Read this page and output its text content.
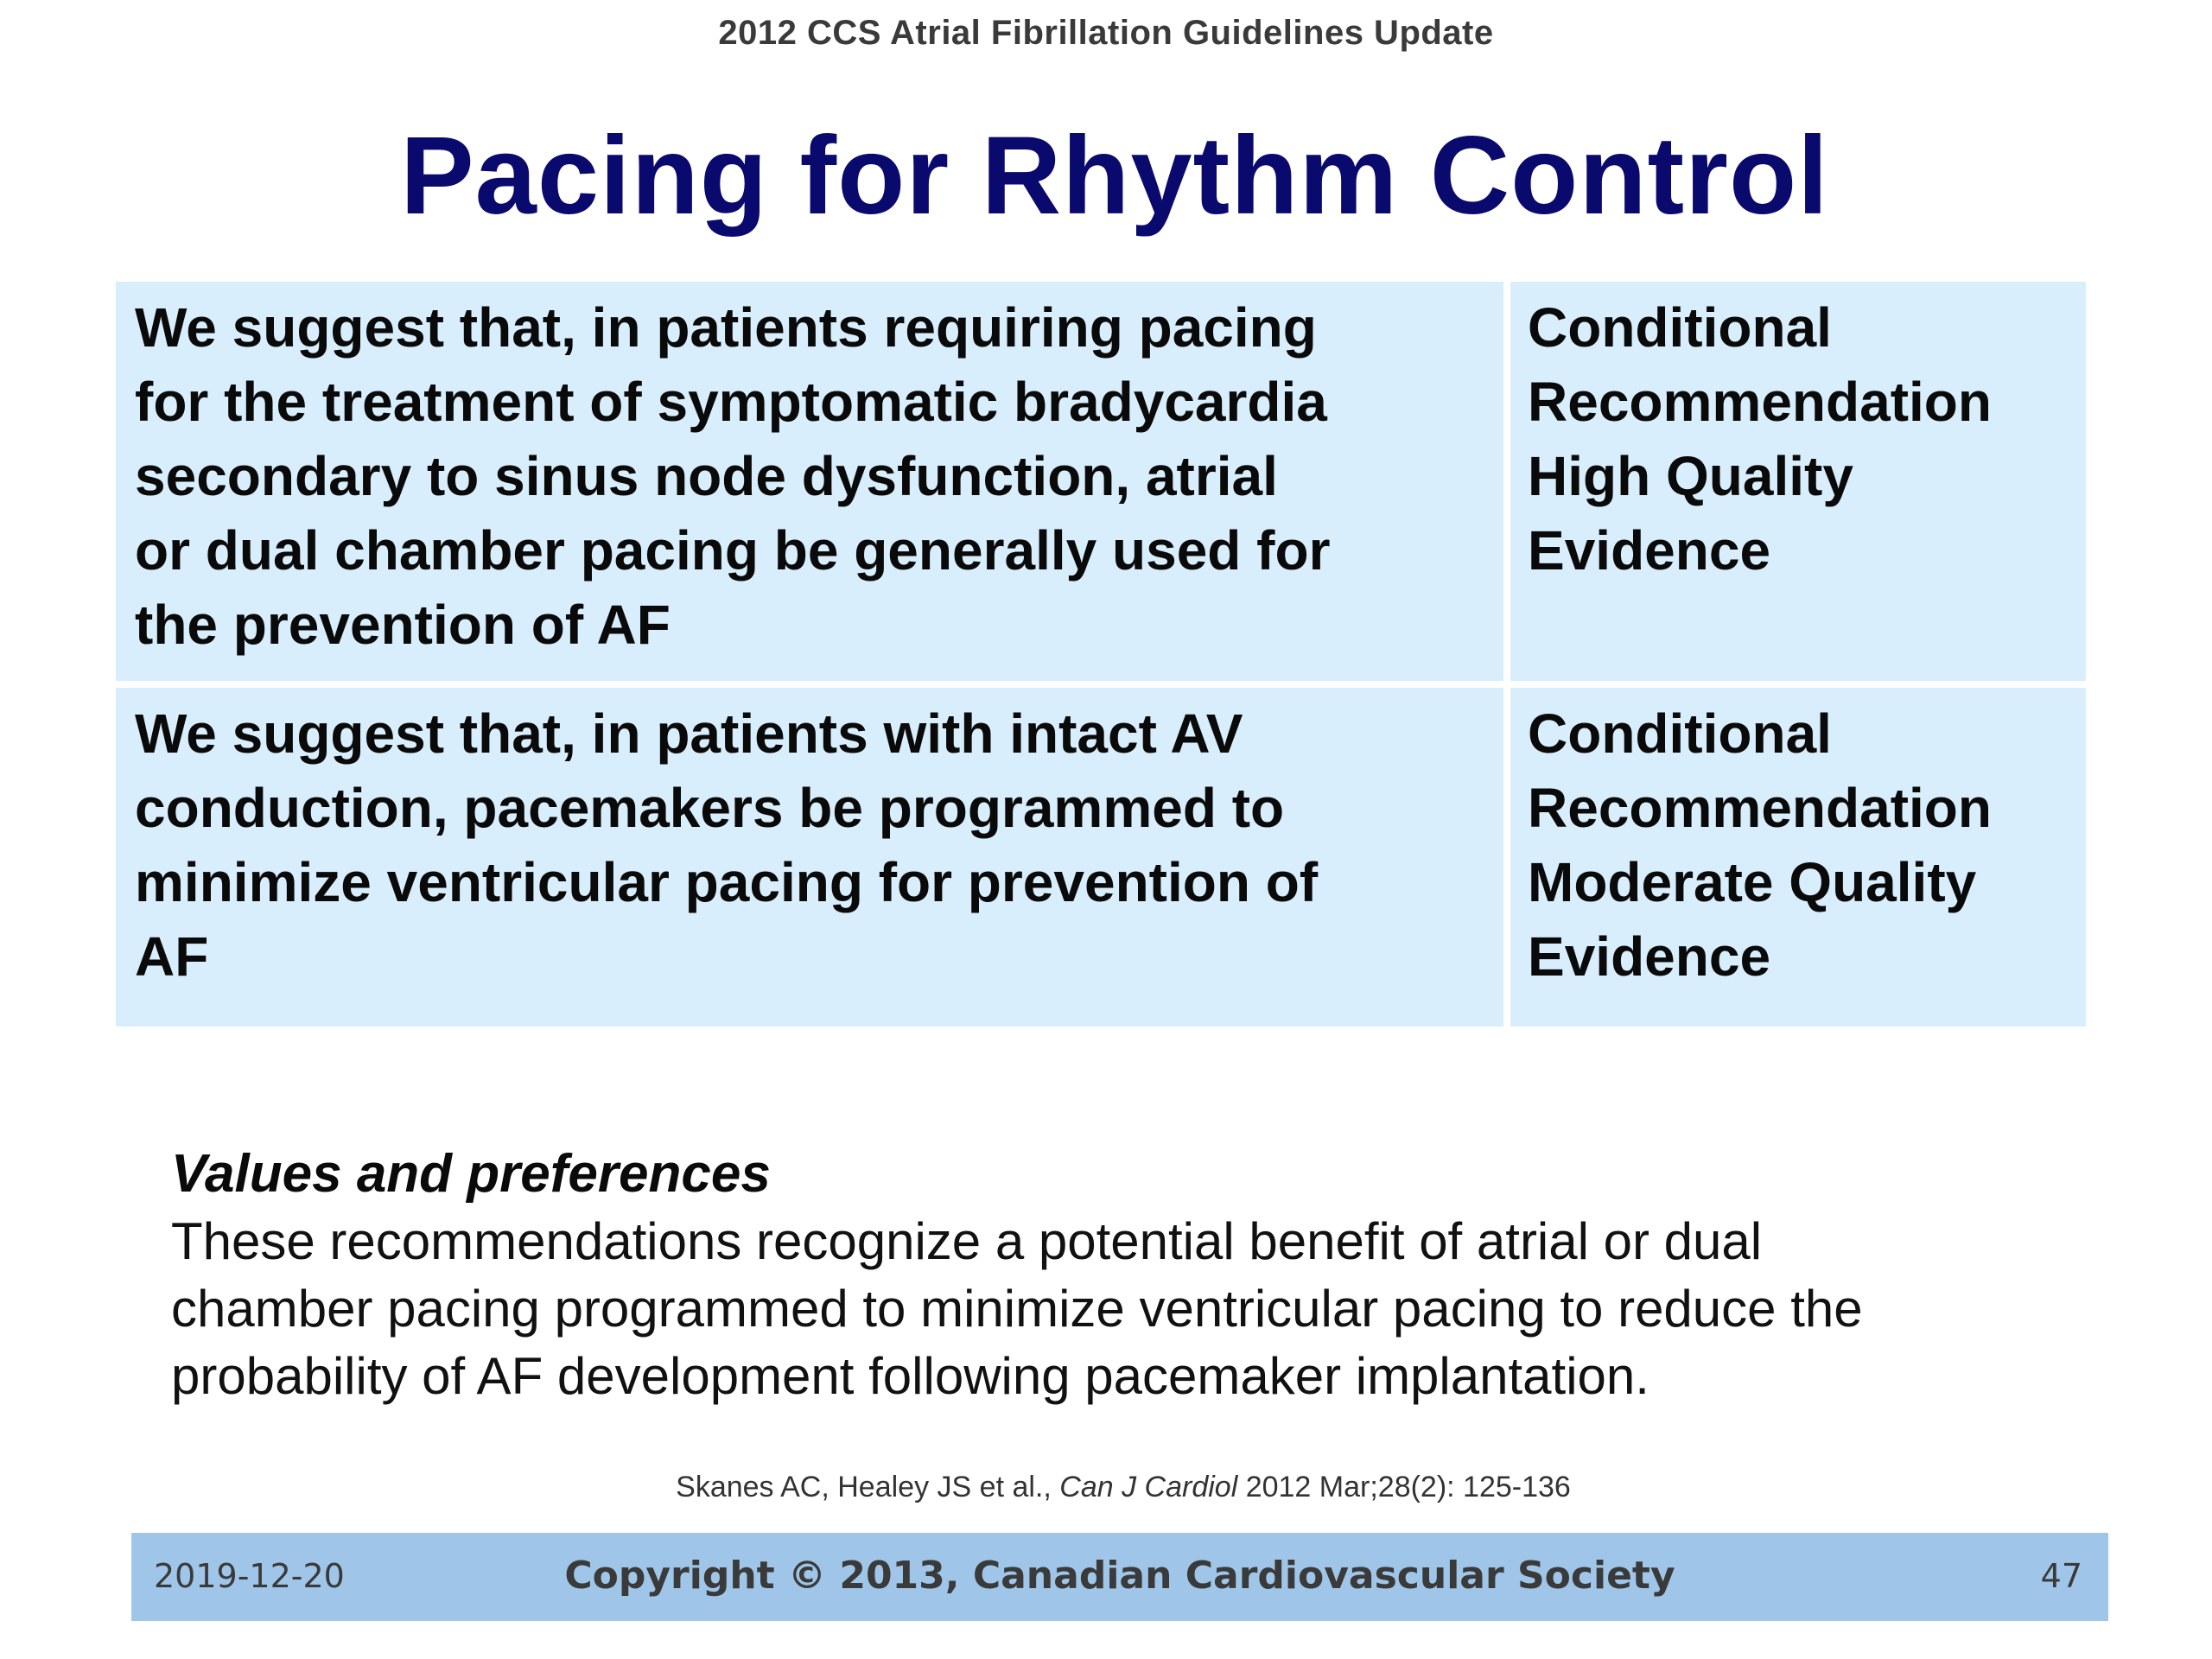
2012 CCS Atrial Fibrillation Guidelines Update
Pacing for Rhythm Control
We suggest that, in patients requiring pacing
for the treatment of symptomatic bradycardia
secondary to sinus node dysfunction, atrial
or dual chamber pacing be generally used for
the prevention of AF
Conditional
Recommendation
High Quality
Evidence
We suggest that, in patients with intact AV
conduction, pacemakers be programmed to
minimize ventricular pacing for prevention of
AF
Conditional
Recommendation
Moderate Quality
Evidence
Values and preferences
These recommendations recognize a potential benefit of atrial or dual
chamber pacing programmed to minimize ventricular pacing to reduce the
probability of AF development following pacemaker implantation.
Skanes AC, Healey JS et al., Can J Cardiol 2012 Mar;28(2): 125-136
2019-12-20	Copyright © 2013, Canadian Cardiovascular Society	47
